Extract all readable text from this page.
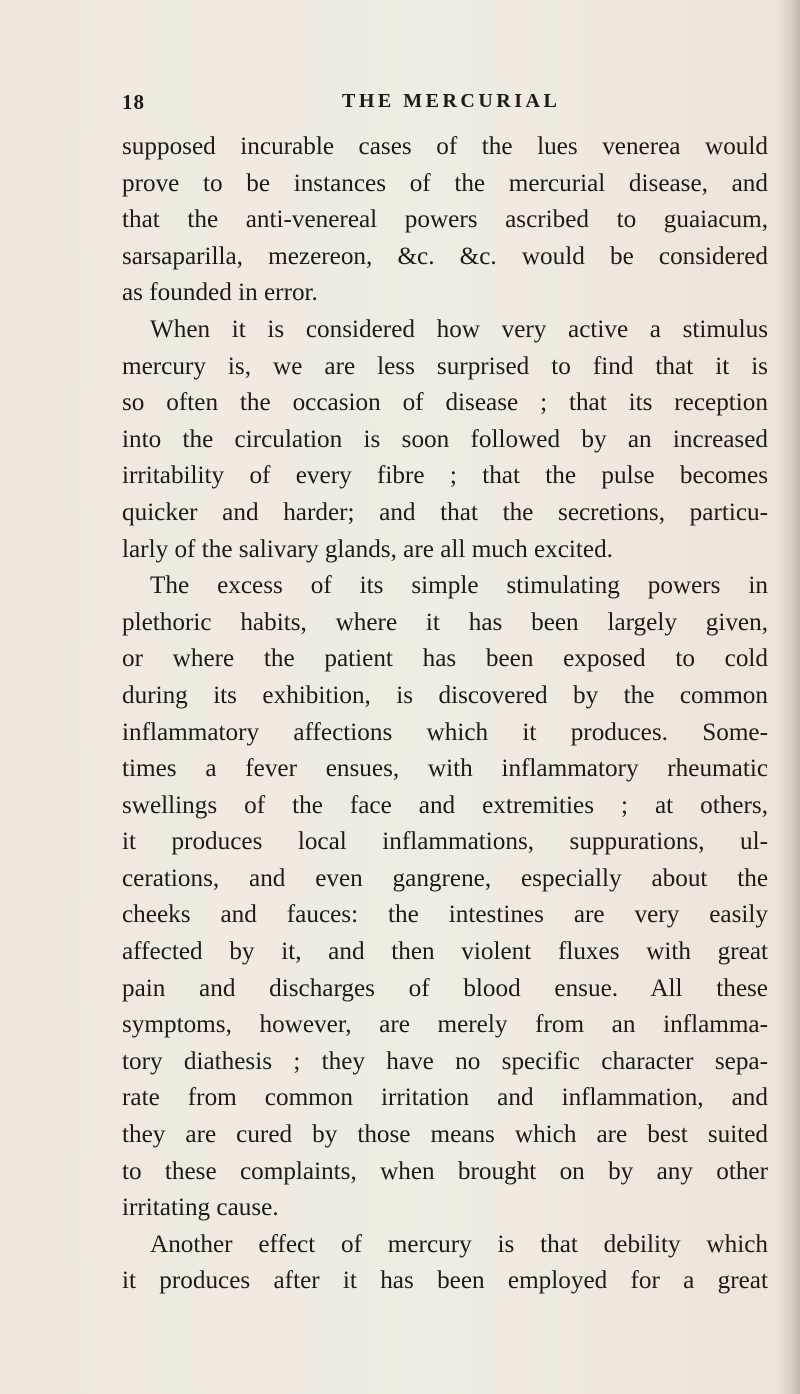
18	THE MERCURIAL
supposed incurable cases of the lues venerea would
prove to be instances of the mercurial disease, and
that the anti-venereal powers ascribed to guaiacum,
sarsaparilla, mezereon, &c. &c. would be considered
as founded in error.
When it is considered how very active a stimulus
mercury is, we are less surprised to find that it is
so often the occasion of disease ; that its reception
into the circulation is soon followed by an increased
irritability of every fibre ; that the pulse becomes
quicker and harder; and that the secretions, particu-
larly of the salivary glands, are all much excited.
The excess of its simple stimulating powers in
plethoric habits, where it has been largely given,
or where the patient has been exposed to cold
during its exhibition, is discovered by the common
inflammatory affections which it produces. Some-
times a fever ensues, with inflammatory rheumatic
swellings of the face and extremities ; at others,
it produces local inflammations, suppurations, ul-
cerations, and even gangrene, especially about the
cheeks and fauces: the intestines are very easily
affected by it, and then violent fluxes with great
pain and discharges of blood ensue. All these
symptoms, however, are merely from an inflamma-
tory diathesis ; they have no specific character sepa-
rate from common irritation and inflammation, and
they are cured by those means which are best suited
to these complaints, when brought on by any other
irritating cause.
Another effect of mercury is that debility which
it produces after it has been employed for a great
